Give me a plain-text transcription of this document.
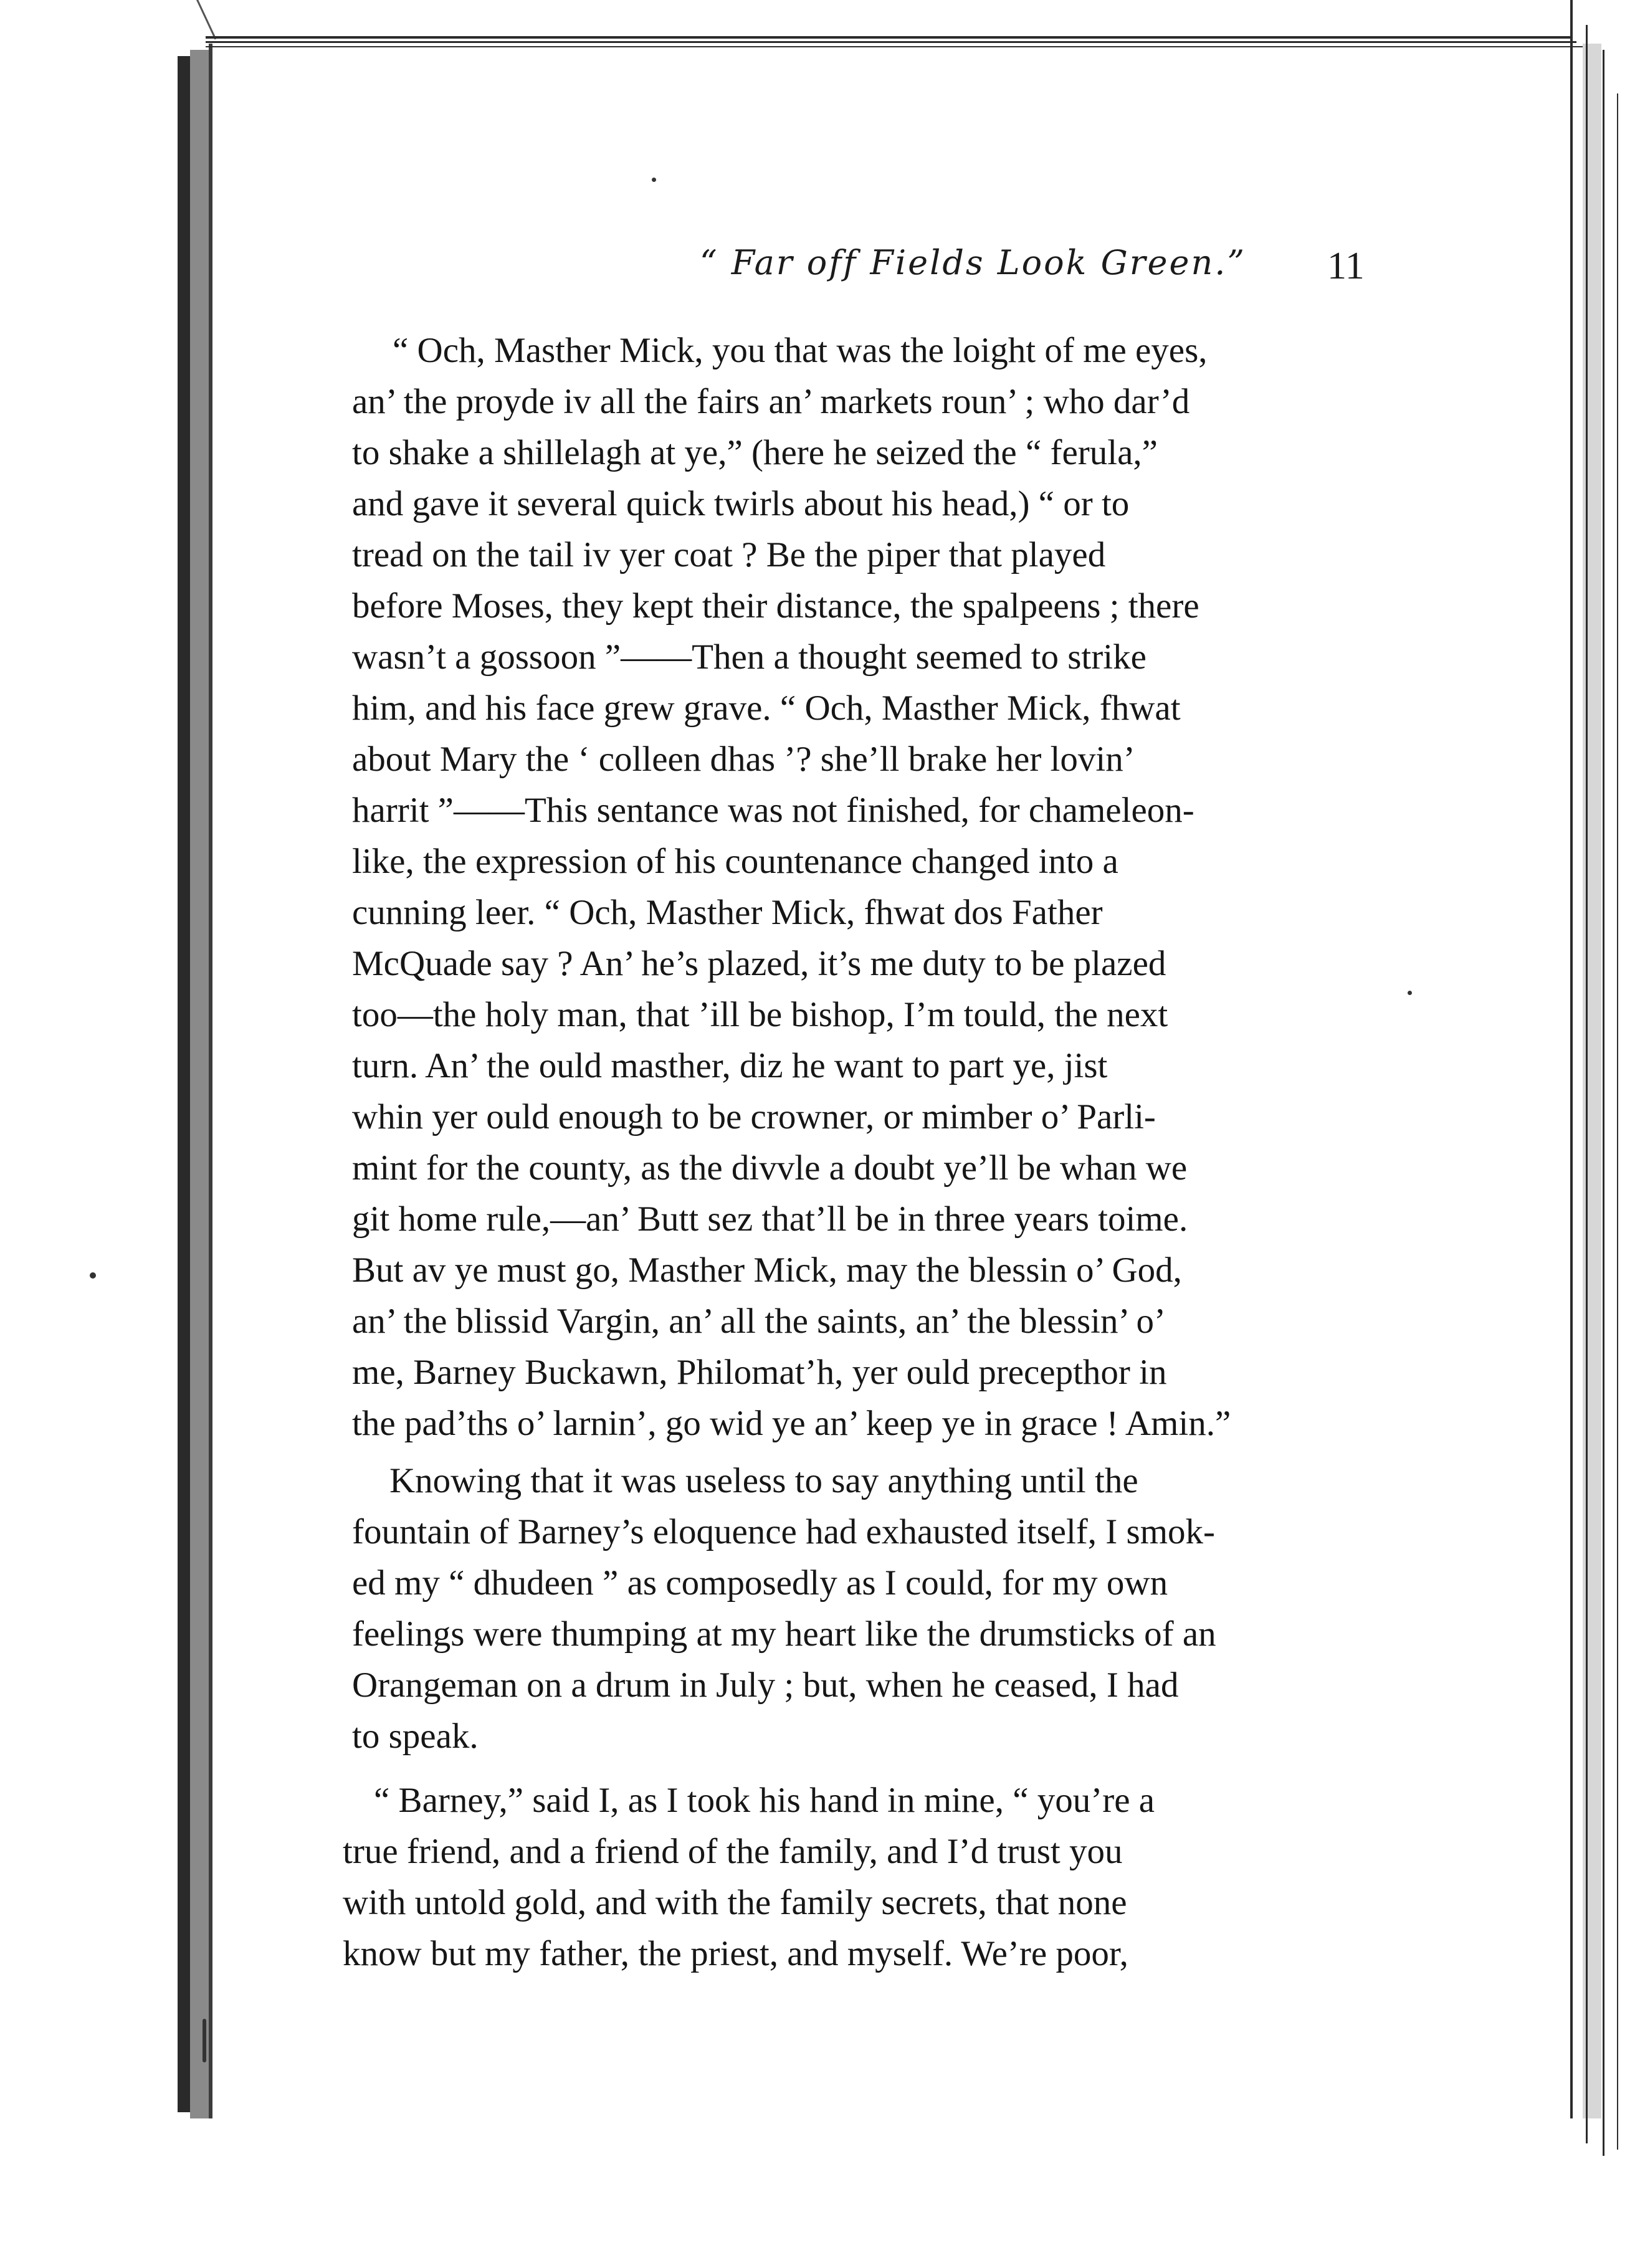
“ Far off Fields Look Green.” 11
“ Och, Masther Mick, you that was the loight of me eyes,
an’ the proyde iv all the fairs an’ markets roun’ ; who dar’d
to shake a shillelagh at ye,” (here he seized the “ ferula,”
and gave it several quick twirls about his head,) “ or to
tread on the tail iv yer coat ? Be the piper that played
before Moses, they kept their distance, the spalpeens ; there
wasn’t a gossoon ”——Then a thought seemed to strike
him, and his face grew grave. “ Och, Masther Mick, fhwat
about Mary the ‘ colleen dhas ’? she’ll brake her lovin’
harrit ”——This sentance was not finished, for chameleon-
like, the expression of his countenance changed into a
cunning leer. “ Och, Masther Mick, fhwat dos Father
McQuade say ? An’ he’s plazed, it’s me duty to be plazed
too—the holy man, that ’ill be bishop, I’m tould, the next
turn. An’ the ould masther, diz he want to part ye, jist
whin yer ould enough to be crowner, or mimber o’ Parli-
mint for the county, as the divvle a doubt ye’ll be whan we
git home rule,—an’ Butt sez that’ll be in three years toime.
But av ye must go, Masther Mick, may the blessin o’ God,
an’ the blissid Vargin, an’ all the saints, an’ the blessin’ o’
me, Barney Buckawn, Philomat’h, yer ould precepthor in
the pad’ths o’ larnin’, go wid ye an’ keep ye in grace ! Amin.”
Knowing that it was useless to say anything until the
fountain of Barney’s eloquence had exhausted itself, I smok-
ed my “ dhudeen ” as composedly as I could, for my own
feelings were thumping at my heart like the drumsticks of an
Orangeman on a drum in July ; but, when he ceased, I had
to speak.
“ Barney,” said I, as I took his hand in mine, “ you’re a
true friend, and a friend of the family, and I’d trust you
with untold gold, and with the family secrets, that none
know but my father, the priest, and myself. We’re poor,
